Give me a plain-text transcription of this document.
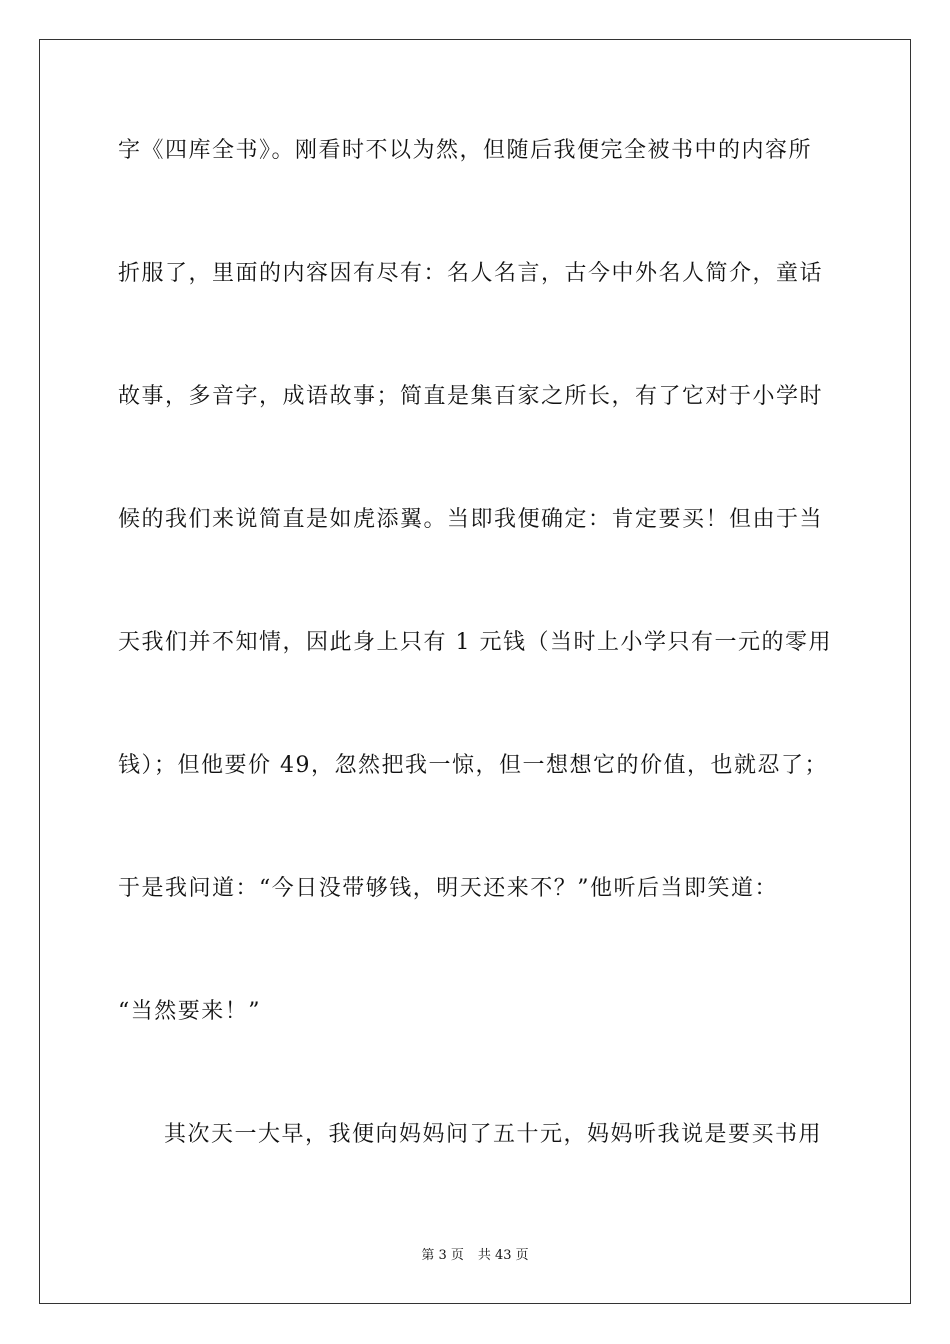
字《四库全书》。刚看时不以为然，但随后我便完全被书中的内容所
折服了，里面的内容因有尽有：名人名言，古今中外名人简介，童话
故事，多音字，成语故事；简直是集百家之所长，有了它对于小学时
候的我们来说简直是如虎添翼。当即我便确定：肯定要买！但由于当
天我们并不知情，因此身上只有 1 元钱（当时上小学只有一元的零用
钱）；但他要价 49，忽然把我一惊，但一想想它的价值，也就忍了；
于是我问道：“今日没带够钱，明天还来不？”他听后当即笑道：
“当然要来！”
其次天一大早，我便向妈妈问了五十元，妈妈听我说是要买书用
第 3 页 共 43 页
